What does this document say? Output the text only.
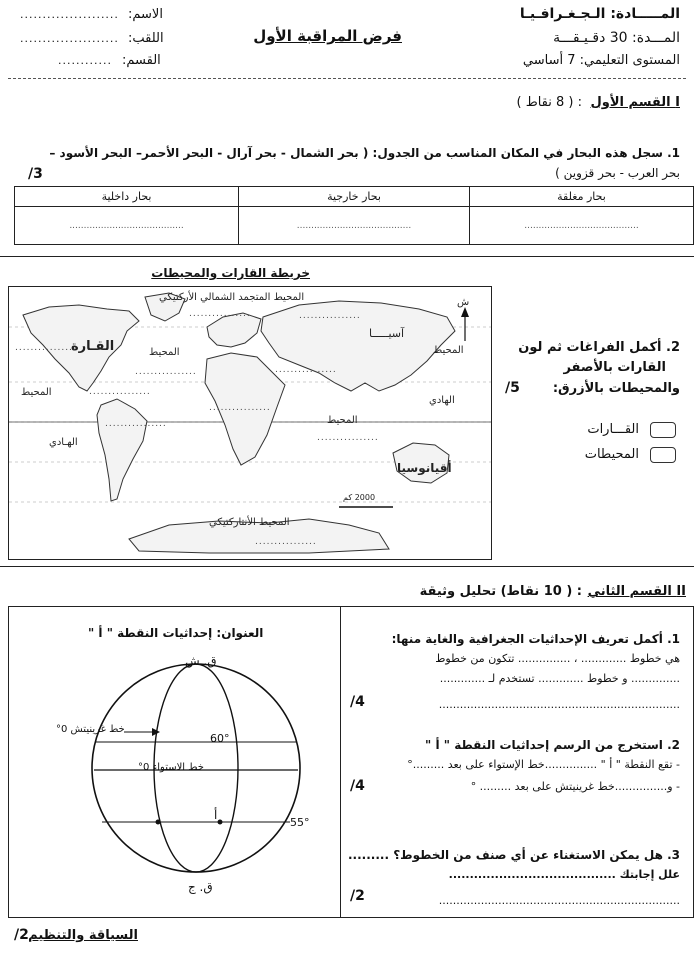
المـــــادة: الـجـغـرافـيـا
المـــدة: 30 دقـيـقـــة
المستوى التعليمي: 7 أساسي
فرض المراقبة الأول
الاسم:
......................
اللقب:
......................
القسم:
............
I القسم الأول
: ( 8 نقاط )
1. سجل هذه البحار في المكان المناسب من الجدول: ( بحر الشمال - بحر آرال - البحر الأحمر– البحر الأسود –
بحر العرب - بحر قزوين )
3/
بحار مغلقة	بحار خارجية	بحار داخلية
........................................	........................................	........................................
خريطة القارات والمحيطات
المحيط المتجمد الشمالي الأركتيكي
................
آسيـــــا
................
المحيط
................
الهادي
القـارة
................	المحيط
................
المحيط	................
الهـادي
................
المحيط
................
أقيانوسيا
................
المحيط الأنتاركتيكي
................
ش
2000 كم
2. أكمل الفراغات ثم لون
القارات بالأصفر
والمحيطات بالأزرق:
5/
القـــارات
المحيطات
II القسم الثاني
: ( 10 نقاط) تحليل وثيقة
1. أكمل تعريف الإحداثيات الجغرافية والغاية منها:
هي خطوط ............. ، ............... تتكون من خطوط
.............. و خطوط ............. تستخدم لـ .............
.....................................................................
4/
2. استخرج من الرسم إحداثيات النقطة " أ "
- تقع النقطة " أ " ...............خط الإستواء على بعد .........°
- و...............خط غرينيتش على بعد ......... °
4/
3. هل يمكن الاستغناء عن أي صنف من الخطوط؟ .........
علل إجابتك ........................................
.....................................................................
2/
العنوان: إحداثيات النقطة " أ "
ق. ش
ق. ج
خط غرينيتش 0°
خط الاستواء 0°
60°
55°
أ
السياقة والتنظيم
2/
